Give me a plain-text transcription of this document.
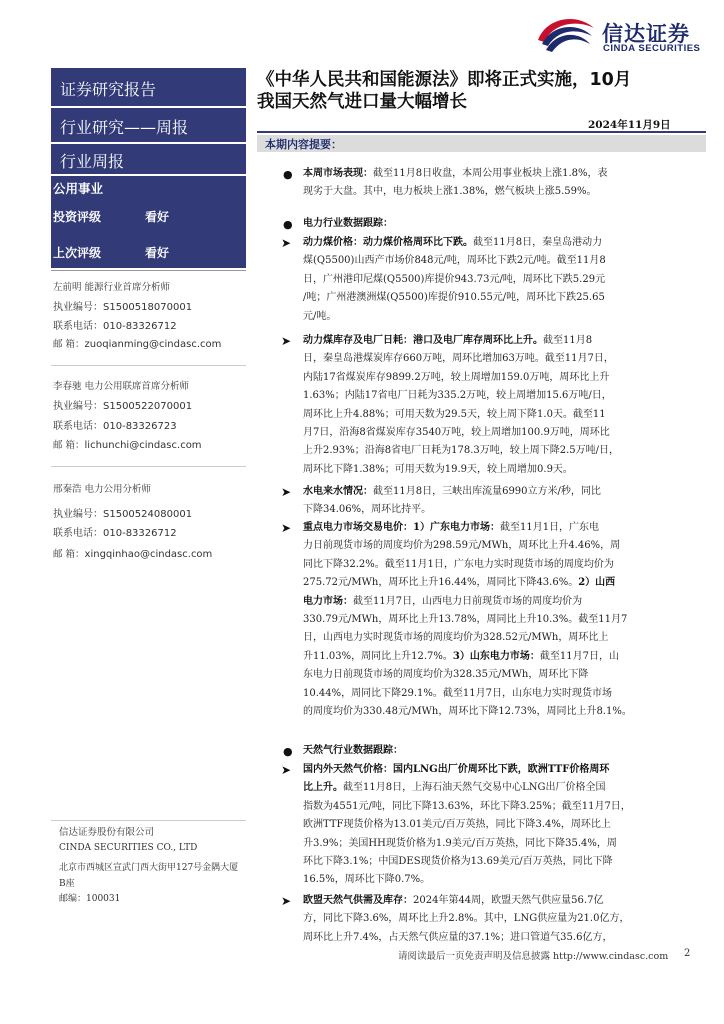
信达证券
CINDA SECURITIES
证券研究报告
行业研究——周报
行业周报
公用事业
投资评级	看好
上次评级	看好
左前明 能源行业首席分析师
执业编号：S1500518070001
联系电话：010-83326712
邮 箱：zuoqianming@cindasc.com
李春驰 电力公用联席首席分析师
执业编号：S1500522070001
联系电话：010-83326723
邮 箱：lichunchi@cindasc.com
邢秦浩 电力公用分析师
执业编号：S1500524080001
联系电话：010-83326712
邮 箱：xingqinhao@cindasc.com
信达证券股份有限公司
CINDA SECURITIES CO., LTD
北京市西城区宣武门西大街甲127号金隅大厦
B座
邮编：100031
《中华人民共和国能源法》即将正式实施，10月
我国天然气进口量大幅增长
2024年11月9日
本期内容提要：
● 本周市场表现：截至11月8日收盘，本周公用事业板块上涨1.8%，表
现劣于大盘。其中，电力板块上涨1.38%，燃气板块上涨5.59%。
● 电力行业数据跟踪：
➤ 动力煤价格：动力煤价格周环比下跌。截至11月8日，秦皇岛港动力
煤(Q5500)山西产市场价848元/吨，周环比下跌2元/吨。截至11月8
日，广州港印尼煤(Q5500)库提价943.73元/吨，周环比下跌5.29元
/吨；广州港澳洲煤(Q5500)库提价910.55元/吨，周环比下跌25.65
元/吨。
➤ 动力煤库存及电厂日耗：港口及电厂库存周环比上升。截至11月8
日，秦皇岛港煤炭库存660万吨，周环比增加63万吨。截至11月7日，
内陆17省煤炭库存9899.2万吨，较上周增加159.0万吨，周环比上升
1.63%；内陆17省电厂日耗为335.2万吨，较上周增加15.6万吨/日，
周环比上升4.88%；可用天数为29.5天，较上周下降1.0天。截至11
月7日，沿海8省煤炭库存3540万吨，较上周增加100.9万吨，周环比
上升2.93%；沿海8省电厂日耗为178.3万吨，较上周下降2.5万吨/日，
周环比下降1.38%；可用天数为19.9天，较上周增加0.9天。
➤ 水电来水情况：截至11月8日，三峡出库流量6990立方米/秒，同比
下降34.06%，周环比持平。
➤ 重点电力市场交易电价：1）广东电力市场：截至11月1日，广东电
力日前现货市场的周度均价为298.59元/MWh，周环比上升4.46%，周
同比下降32.2%。截至11月1日，广东电力实时现货市场的周度均价为
275.72元/MWh，周环比上升16.44%，周同比下降43.6%。2）山西
电力市场：截至11月7日，山西电力日前现货市场的周度均价为
330.79元/MWh，周环比上升13.78%，周同比上升10.3%。截至11月7
日，山西电力实时现货市场的周度均价为328.52元/MWh，周环比上
升11.03%，周同比上升12.7%。3）山东电力市场：截至11月7日，山
东电力日前现货市场的周度均价为328.35元/MWh，周环比下降
10.44%，周同比下降29.1%。截至11月7日，山东电力实时现货市场
的周度均价为330.48元/MWh，周环比下降12.73%，周同比上升8.1%。
● 天然气行业数据跟踪：
➤ 国内外天然气价格：国内LNG出厂价周环比下跌，欧洲TTF价格周环
比上升。截至11月8日，上海石油天然气交易中心LNG出厂价格全国
指数为4551元/吨，同比下降13.63%，环比下降3.25%；截至11月7日，
欧洲TTF现货价格为13.01美元/百万英热，同比下降3.4%，周环比上
升3.9%；美国HH现货价格为1.9美元/百万英热，同比下降35.4%，周
环比下降3.1%；中国DES现货价格为13.69美元/百万英热，同比下降
16.5%，周环比下降0.7%。
➤ 欧盟天然气供需及库存：2024年第44周，欧盟天然气供应量56.7亿
方，同比下降3.6%，周环比上升2.8%。其中，LNG供应量为21.0亿方，
周环比上升7.4%，占天然气供应量的37.1%；进口管道气35.6亿方，
请阅读最后一页免责声明及信息披露 http://www.cindasc.com 2
